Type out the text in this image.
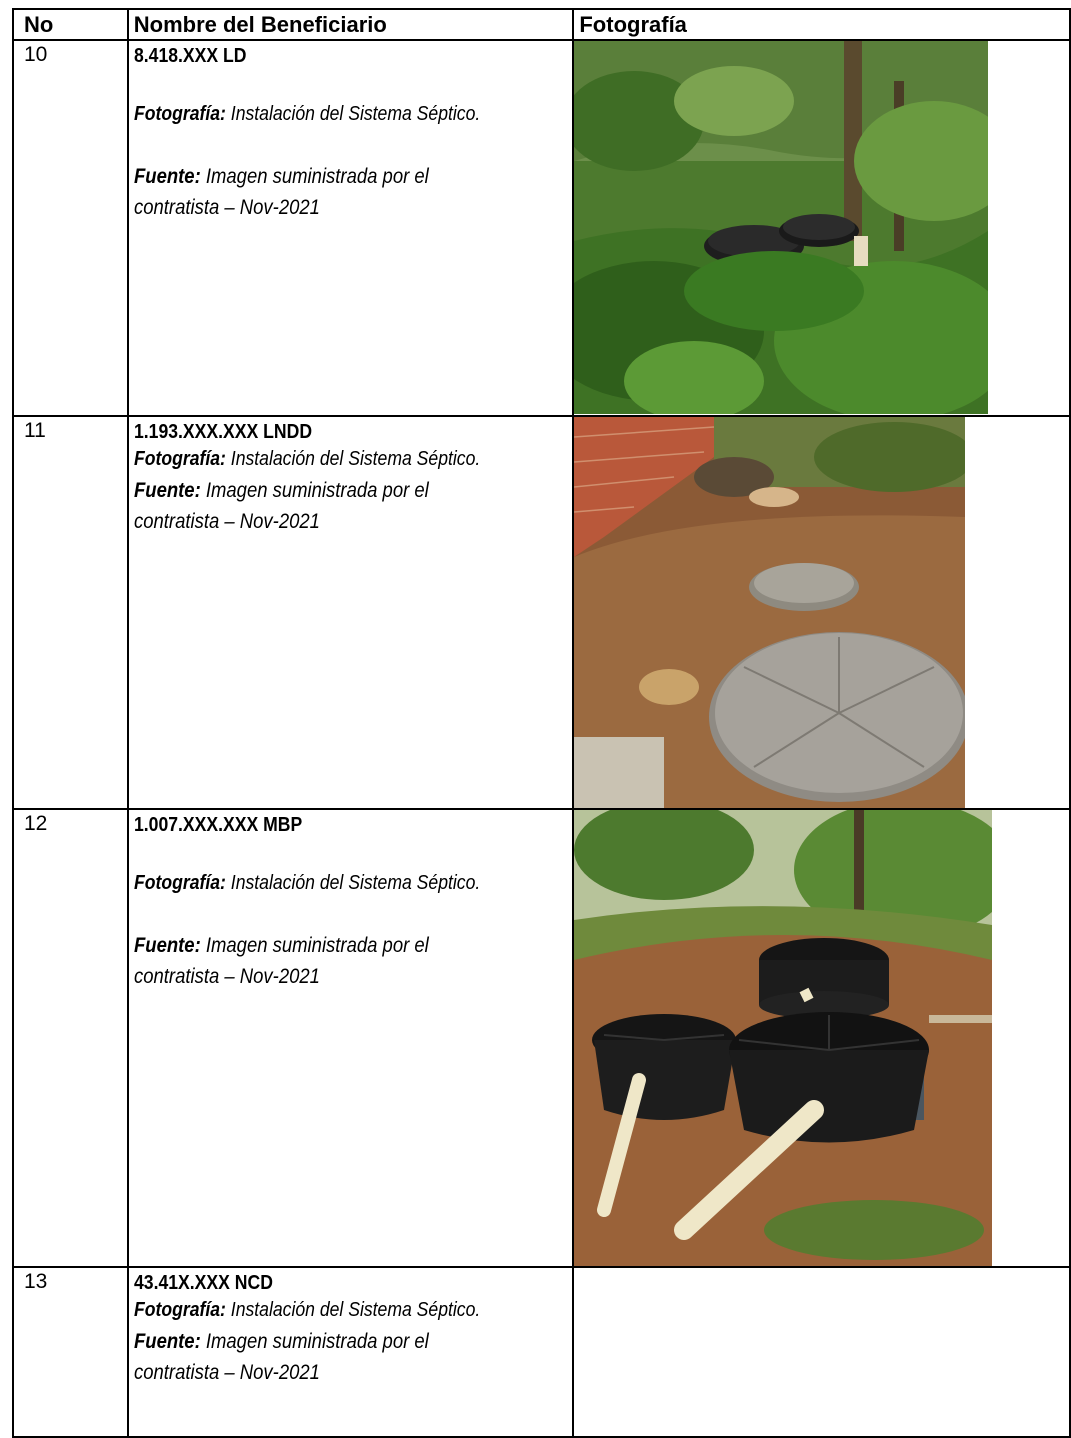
No	Nombre del Beneficiario	Fotografía
10	8.418.XXX LD
Fotografía: Instalación del Sistema Séptico.
Fuente: Imagen suministrada por el contratista – Nov-2021

11	1.193.XXX.XXX LNDD
Fotografía: Instalación del Sistema Séptico.
Fuente: Imagen suministrada por el contratista – Nov-2021

12	1.007.XXX.XXX MBP
Fotografía: Instalación del Sistema Séptico.
Fuente: Imagen suministrada por el contratista – Nov-2021

13	43.41X.XXX NCD
Fotografía: Instalación del Sistema Séptico.
Fuente: Imagen suministrada por el contratista – Nov-2021	
